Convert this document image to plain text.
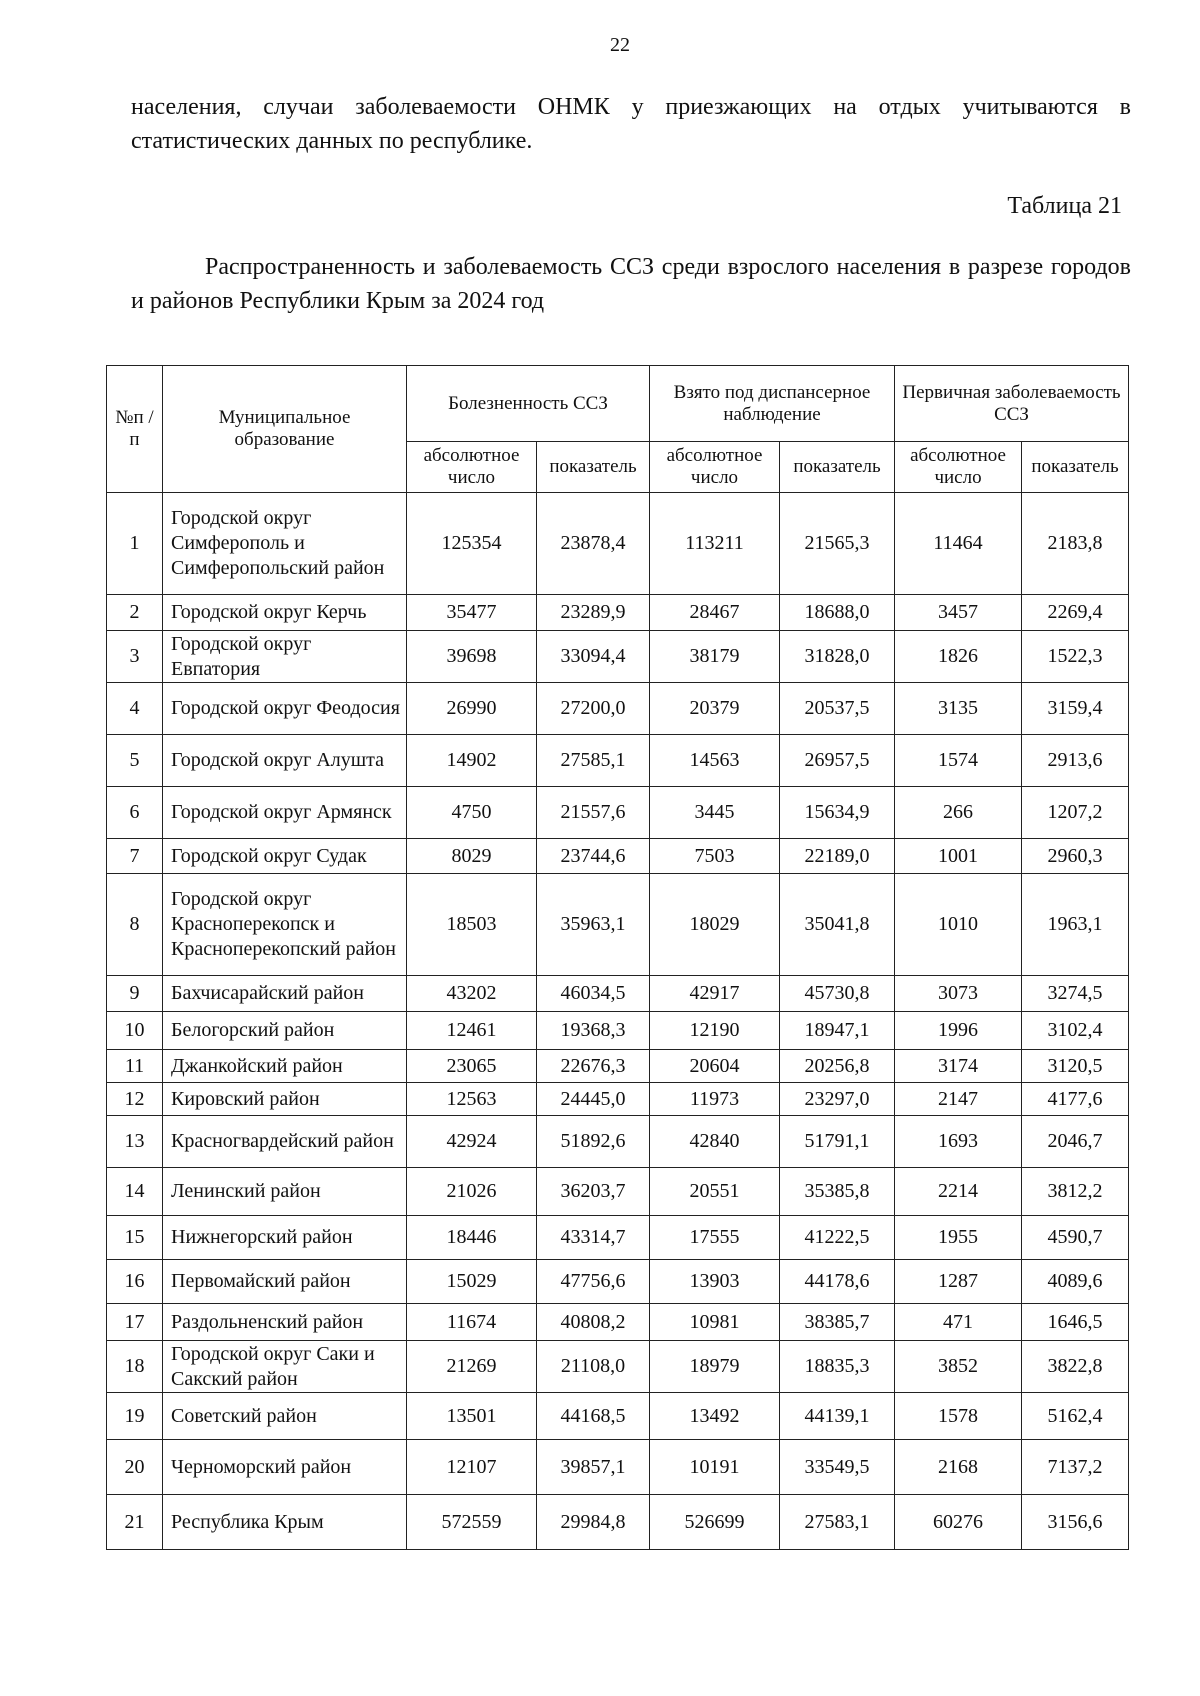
22
населения, случаи заболеваемости ОНМК у приезжающих на отдых учитываются в статистических данных по республике.
Таблица 21
Распространенность и заболеваемость ССЗ среди взрослого населения в разрезе городов и районов Республики Крым за 2024 год
№п /п	Муниципальное образование	Болезненность ССЗ		Взято под диспансерное наблюдение		Первичная заболеваемость ССЗ	
		абсолютное число	показатель	абсолютное число	показатель	абсолютное число	показатель
1	Городской округ Симферополь и Симферопольский район	125354	23878,4	113211	21565,3	11464	2183,8
2	Городской округ Керчь	35477	23289,9	28467	18688,0	3457	2269,4
3	Городской округ Евпатория	39698	33094,4	38179	31828,0	1826	1522,3
4	Городской округ Феодосия	26990	27200,0	20379	20537,5	3135	3159,4
5	Городской округ Алушта	14902	27585,1	14563	26957,5	1574	2913,6
6	Городской округ Армянск	4750	21557,6	3445	15634,9	266	1207,2
7	Городской округ Судак	8029	23744,6	7503	22189,0	1001	2960,3
8	Городской округ Красноперекопск и Красноперекопский район	18503	35963,1	18029	35041,8	1010	1963,1
9	Бахчисарайский район	43202	46034,5	42917	45730,8	3073	3274,5
10	Белогорский район	12461	19368,3	12190	18947,1	1996	3102,4
11	Джанкойский район	23065	22676,3	20604	20256,8	3174	3120,5
12	Кировский район	12563	24445,0	11973	23297,0	2147	4177,6
13	Красногвардейский район	42924	51892,6	42840	51791,1	1693	2046,7
14	Ленинский район	21026	36203,7	20551	35385,8	2214	3812,2
15	Нижнегорский район	18446	43314,7	17555	41222,5	1955	4590,7
16	Первомайский район	15029	47756,6	13903	44178,6	1287	4089,6
17	Раздольненский район	11674	40808,2	10981	38385,7	471	1646,5
18	Городской округ Саки и Сакский район	21269	21108,0	18979	18835,3	3852	3822,8
19	Советский район	13501	44168,5	13492	44139,1	1578	5162,4
20	Черноморский район	12107	39857,1	10191	33549,5	2168	7137,2
21	Республика Крым	572559	29984,8	526699	27583,1	60276	3156,6
